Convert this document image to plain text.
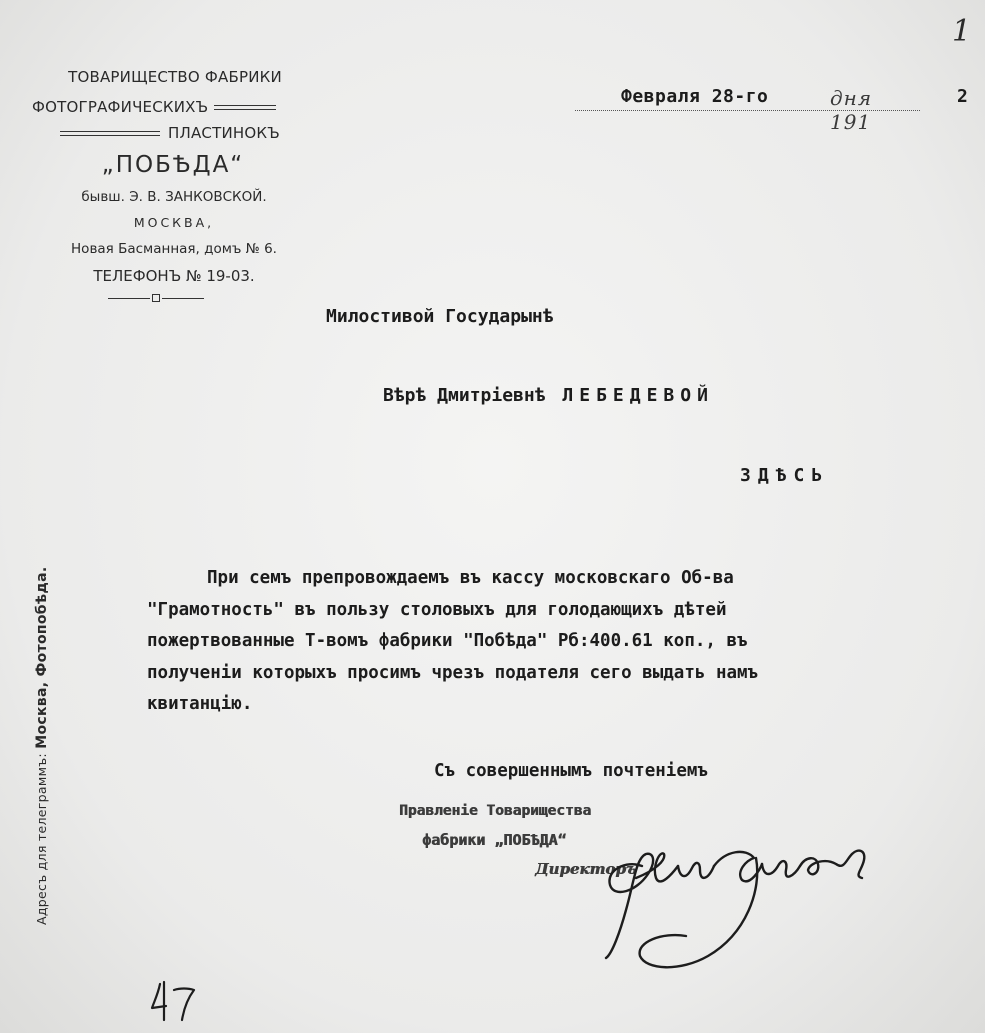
ТОВАРИЩЕСТВО ФАБРИКИ
ФОТОГРАФИЧЕСКИХЪ
ПЛАСТИНОКЪ
„ПОБѢДА“
бывш. Э. В. ЗАНКОВСКОЙ.
МОСКВА,
Новая Басманная, домъ № 6.
ТЕЛЕФОНЪ № 19-03.
Адресъ для телеграммъ: Москва, Фотопобѣда.
1
Февраля 28-го	дня 191
2
Милостивой Государынѣ
Вѣрѣ Дмитріевнѣ ЛЕБЕДЕВОЙ
ЗДѢСЬ
При семъ препровождаемъ въ кассу московскаго Об-ва
"Грамотность" въ пользу столовыхъ для голодающихъ дѣтей
пожертвованные Т-вомъ фабрики "Побѣда" Рб:400.61 коп., въ
полученіи которыхъ просимъ чрезъ подателя сего выдать намъ
квитанцію.
Съ совершеннымъ почтеніемъ
Правленіе Товарищества
фабрики „ПОБѢДА“
Директоръ
